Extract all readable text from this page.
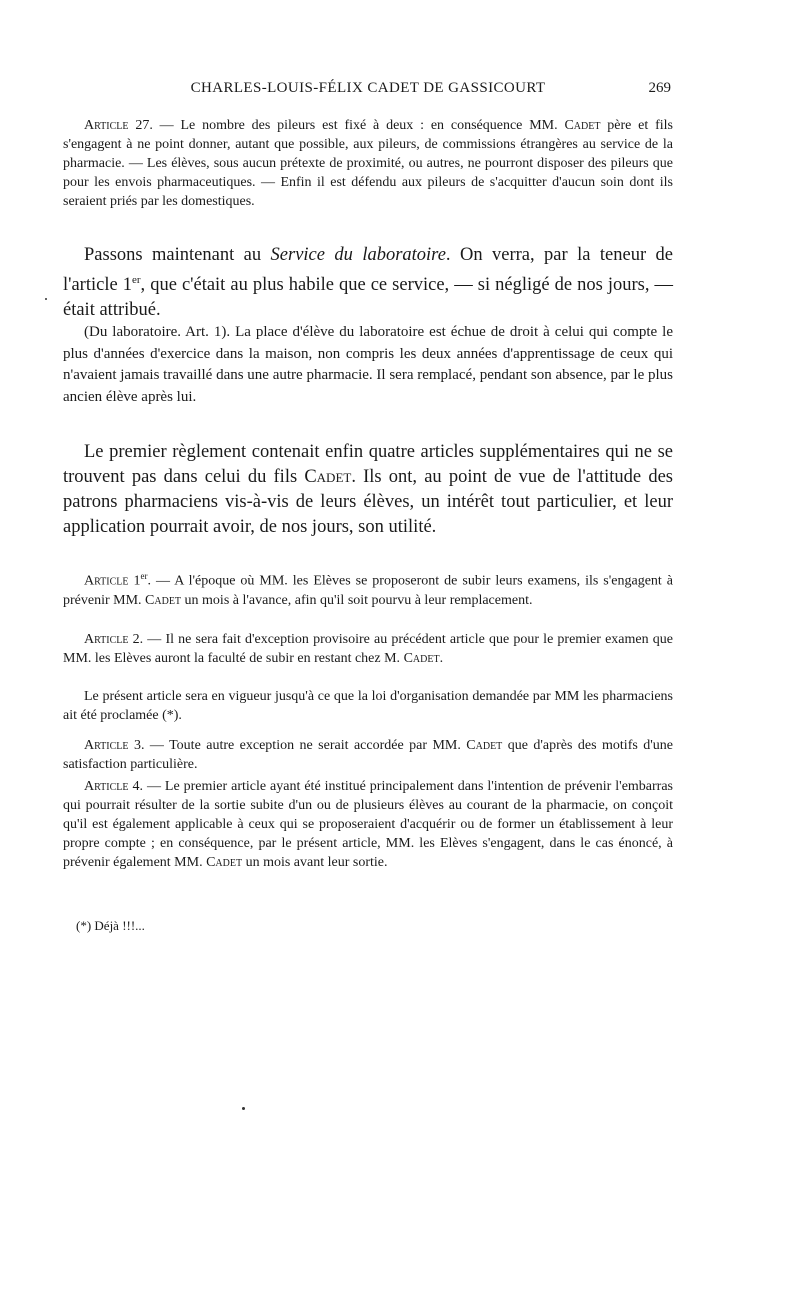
CHARLES-LOUIS-FÉLIX CADET DE GASSICOURT	269

Article 27. — Le nombre des pileurs est fixé à deux : en conséquence MM. Cadet père et fils s'engagent à ne point donner, autant que possible, aux pileurs, de commissions étrangères au service de la pharmacie. — Les élèves, sous aucun prétexte de proximité, ou autres, ne pourront disposer des pileurs que pour les envois pharmaceutiques. — Enfin il est défendu aux pileurs de s'acquitter d'aucun soin dont ils seraient priés par les domestiques.

Passons maintenant au Service du laboratoire. On verra, par la teneur de l'article 1er, que c'était au plus habile que ce service, — si négligé de nos jours, — était attribué.

(Du laboratoire. Art. 1). La place d'élève du laboratoire est échue de droit à celui qui compte le plus d'années d'exercice dans la maison, non compris les deux années d'apprentissage de ceux qui n'avaient jamais travaillé dans une autre pharmacie. Il sera remplacé, pendant son absence, par le plus ancien élève après lui.

Le premier règlement contenait enfin quatre articles supplémentaires qui ne se trouvent pas dans celui du fils Cadet. Ils ont, au point de vue de l'attitude des patrons pharmaciens vis-à-vis de leurs élèves, un intérêt tout particulier, et leur application pourrait avoir, de nos jours, son utilité.

Article 1er. — A l'époque où MM. les Elèves se proposeront de subir leurs examens, ils s'engagent à prévenir MM. Cadet un mois à l'avance, afin qu'il soit pourvu à leur remplacement.

Article 2. — Il ne sera fait d'exception provisoire au précédent article que pour le premier examen que MM. les Elèves auront la faculté de subir en restant chez M. Cadet.

Le présent article sera en vigueur jusqu'à ce que la loi d'organisation demandée par MM les pharmaciens ait été proclamée (*).

Article 3. — Toute autre exception ne serait accordée par MM. Cadet que d'après des motifs d'une satisfaction particulière.

Article 4. — Le premier article ayant été institué principalement dans l'intention de prévenir l'embarras qui pourrait résulter de la sortie subite d'un ou de plusieurs élèves au courant de la pharmacie, on conçoit qu'il est également applicable à ceux qui se proposeraient d'acquérir ou de former un établissement à leur propre compte ; en conséquence, par le présent article, MM. les Elèves s'engagent, dans le cas énoncé, à prévenir également MM. Cadet un mois avant leur sortie.

(*) Déjà !!!...
